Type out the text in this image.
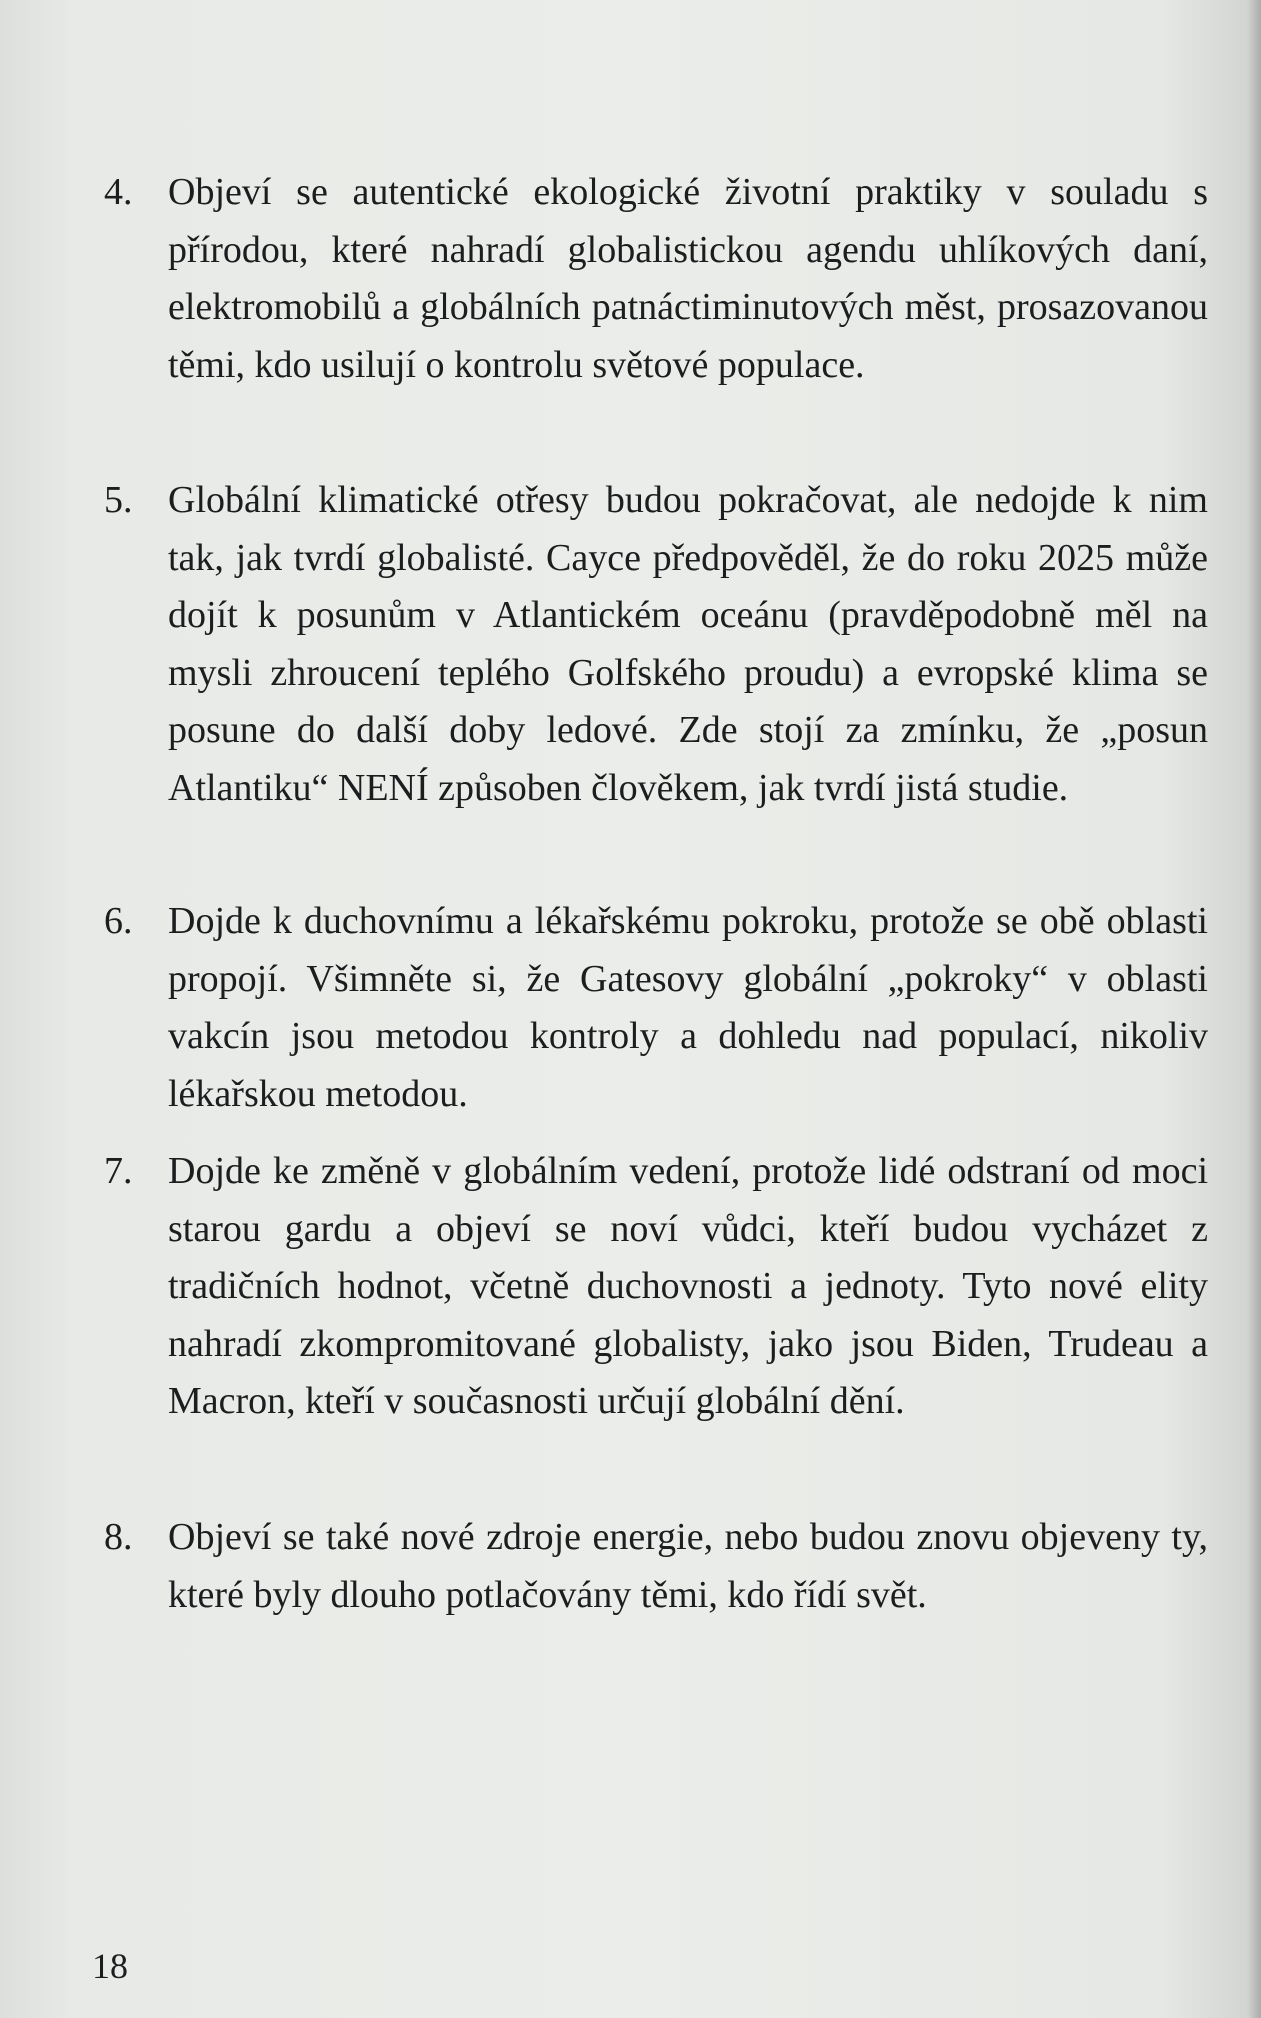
4. Objeví se autentické ekologické životní praktiky v souladu s přírodou, které nahradí globalistickou agendu uhlíkových daní, elektromobilů a globálních patnáctiminutových měst, prosazovanou těmi, kdo usilují o kontrolu světové populace.
5. Globální klimatické otřesy budou pokračovat, ale nedojde k nim tak, jak tvrdí globalisté. Cayce předpověděl, že do roku 2025 může dojít k posunům v Atlantickém oceánu (pravděpodobně měl na mysli zhroucení teplého Golfského proudu) a evropské klima se posune do další doby ledové. Zde stojí za zmínku, že „posun Atlantiku“ NENÍ způsoben člověkem, jak tvrdí jistá studie.
6. Dojde k duchovnímu a lékařskému pokroku, protože se obě oblasti propojí. Všimněte si, že Gatesovy globální „pokroky“ v oblasti vakcín jsou metodou kontroly a dohledu nad populací, nikoliv lékařskou metodou.
7. Dojde ke změně v globálním vedení, protože lidé odstraní od moci starou gardu a objeví se noví vůdci, kteří budou vycházet z tradičních hodnot, včetně duchovnosti a jednoty. Tyto nové elity nahradí zkompromitované globalisty, jako jsou Biden, Trudeau a Macron, kteří v současnosti určují globální dění.
8. Objeví se také nové zdroje energie, nebo budou znovu objeveny ty, které byly dlouho potlačovány těmi, kdo řídí svět.
18
